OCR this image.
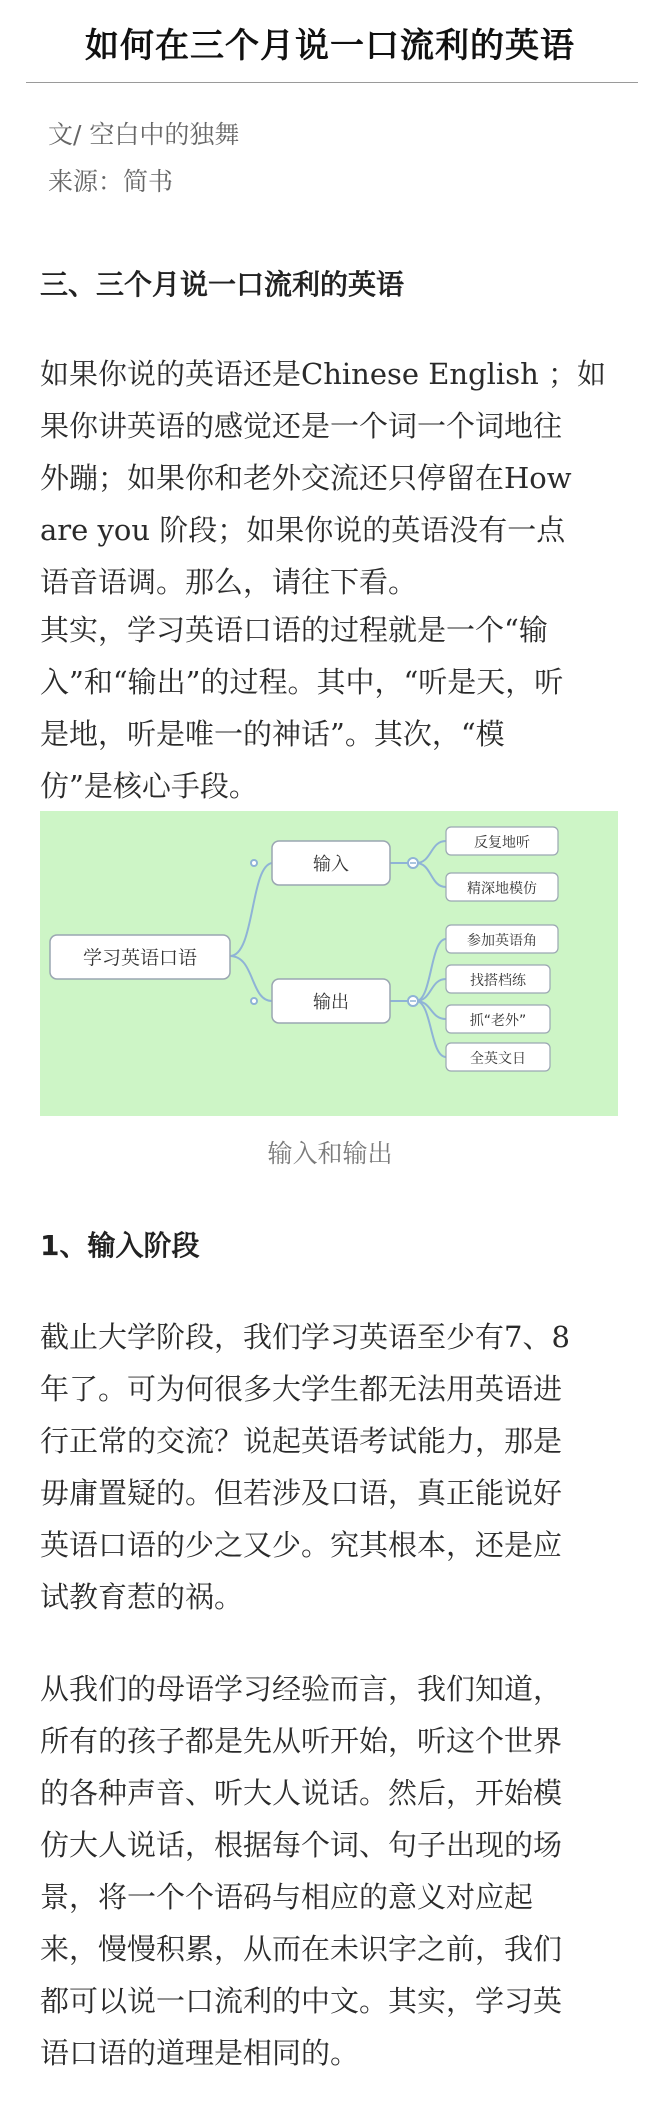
如何在三个月说一口流利的英语
文/ 空白中的独舞
来源：简书
三、三个月说一口流利的英语
如果你说的英语还是Chinese English ；如
果你讲英语的感觉还是一个词一个词地往
外蹦；如果你和老外交流还只停留在How
are you 阶段；如果你说的英语没有一点
语音语调。那么，请往下看。
其实，学习英语口语的过程就是一个“输
入”和“输出”的过程。其中，“听是天，听
是地，听是唯一的神话”。其次，“模
仿”是核心手段。
学习英语口语
输入
输出
反复地听
精深地模仿
参加英语角
找搭档练
抓“老外”
全英文日
输入和输出
1、输入阶段
截止大学阶段，我们学习英语至少有7、8
年了。可为何很多大学生都无法用英语进
行正常的交流？说起英语考试能力，那是
毋庸置疑的。但若涉及口语，真正能说好
英语口语的少之又少。究其根本，还是应
试教育惹的祸。
从我们的母语学习经验而言，我们知道，
所有的孩子都是先从听开始，听这个世界
的各种声音、听大人说话。然后，开始模
仿大人说话，根据每个词、句子出现的场
景，将一个个语码与相应的意义对应起
来，慢慢积累，从而在未识字之前，我们
都可以说一口流利的中文。其实，学习英
语口语的道理是相同的。
